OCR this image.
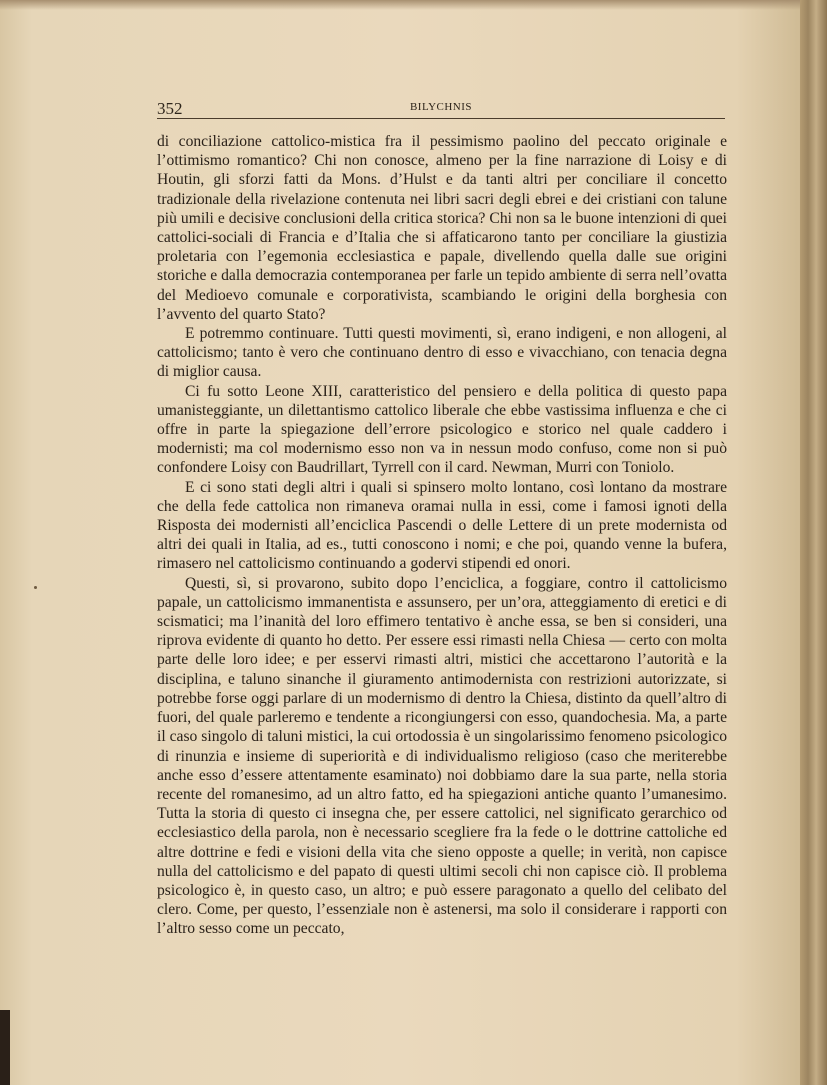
352	BILYCHNIS

di conciliazione cattolico-mistica fra il pessimismo paolino del peccato originale e l’ottimismo romantico? Chi non conosce, almeno per la fine narrazione di Loisy e di Houtin, gli sforzi fatti da Mons. d’Hulst e da tanti altri per conciliare il concetto tradizionale della rivelazione contenuta nei libri sacri degli ebrei e dei cristiani con talune più umili e decisive conclusioni della critica storica? Chi non sa le buone intenzioni di quei cattolici-sociali di Francia e d’Italia che si affaticarono tanto per conciliare la giustizia proletaria con l’egemonia ecclesiastica e papale, divellendo quella dalle sue origini storiche e dalla democrazia contemporanea per farle un tepido ambiente di serra nell’ovatta del Medioevo comunale e corporativista, scambiando le origini della borghesia con l’avvento del quarto Stato?

E potremmo continuare. Tutti questi movimenti, sì, erano indigeni, e non allogeni, al cattolicismo; tanto è vero che continuano dentro di esso e vivacchiano, con tenacia degna di miglior causa.

Ci fu sotto Leone XIII, caratteristico del pensiero e della politica di questo papa umanisteggiante, un dilettantismo cattolico liberale che ebbe vastissima influenza e che ci offre in parte la spiegazione dell’errore psicologico e storico nel quale caddero i modernisti; ma col modernismo esso non va in nessun modo confuso, come non si può confondere Loisy con Baudrillart, Tyrrell con il card. Newman, Murri con Toniolo.

E ci sono stati degli altri i quali si spinsero molto lontano, così lontano da mostrare che della fede cattolica non rimaneva oramai nulla in essi, come i famosi ignoti della Risposta dei modernisti all’enciclica Pascendi o delle Lettere di un prete modernista od altri dei quali in Italia, ad es., tutti conoscono i nomi; e che poi, quando venne la bufera, rimasero nel cattolicismo continuando a godervi stipendi ed onori.

Questi, sì, si provarono, subito dopo l’enciclica, a foggiare, contro il cattolicismo papale, un cattolicismo immanentista e assunsero, per un’ora, atteggiamento di eretici e di scismatici; ma l’inanità del loro effimero tentativo è anche essa, se ben si consideri, una riprova evidente di quanto ho detto. Per essere essi rimasti nella Chiesa — certo con molta parte delle loro idee; e per esservi rimasti altri, mistici che accettarono l’autorità e la disciplina, e taluno sinanche il giuramento antimodernista con restrizioni autorizzate, si potrebbe forse oggi parlare di un modernismo di dentro la Chiesa, distinto da quell’altro di fuori, del quale parleremo e tendente a ricongiungersi con esso, quandochesia. Ma, a parte il caso singolo di taluni mistici, la cui ortodossia è un singolarissimo fenomeno psicologico di rinunzia e insieme di superiorità e di individualismo religioso (caso che meriterebbe anche esso d’essere attentamente esaminato) noi dobbiamo dare la sua parte, nella storia recente del romanesimo, ad un altro fatto, ed ha spiegazioni antiche quanto l’umanesimo. Tutta la storia di questo ci insegna che, per essere cattolici, nel significato gerarchico od ecclesiastico della parola, non è necessario scegliere fra la fede o le dottrine cattoliche ed altre dottrine e fedi e visioni della vita che sieno opposte a quelle; in verità, non capisce nulla del cattolicismo e del papato di questi ultimi secoli chi non capisce ciò. Il problema psicologico è, in questo caso, un altro; e può essere paragonato a quello del celibato del clero. Come, per questo, l’essenziale non è astenersi, ma solo il considerare i rapporti con l’altro sesso come un peccato,
